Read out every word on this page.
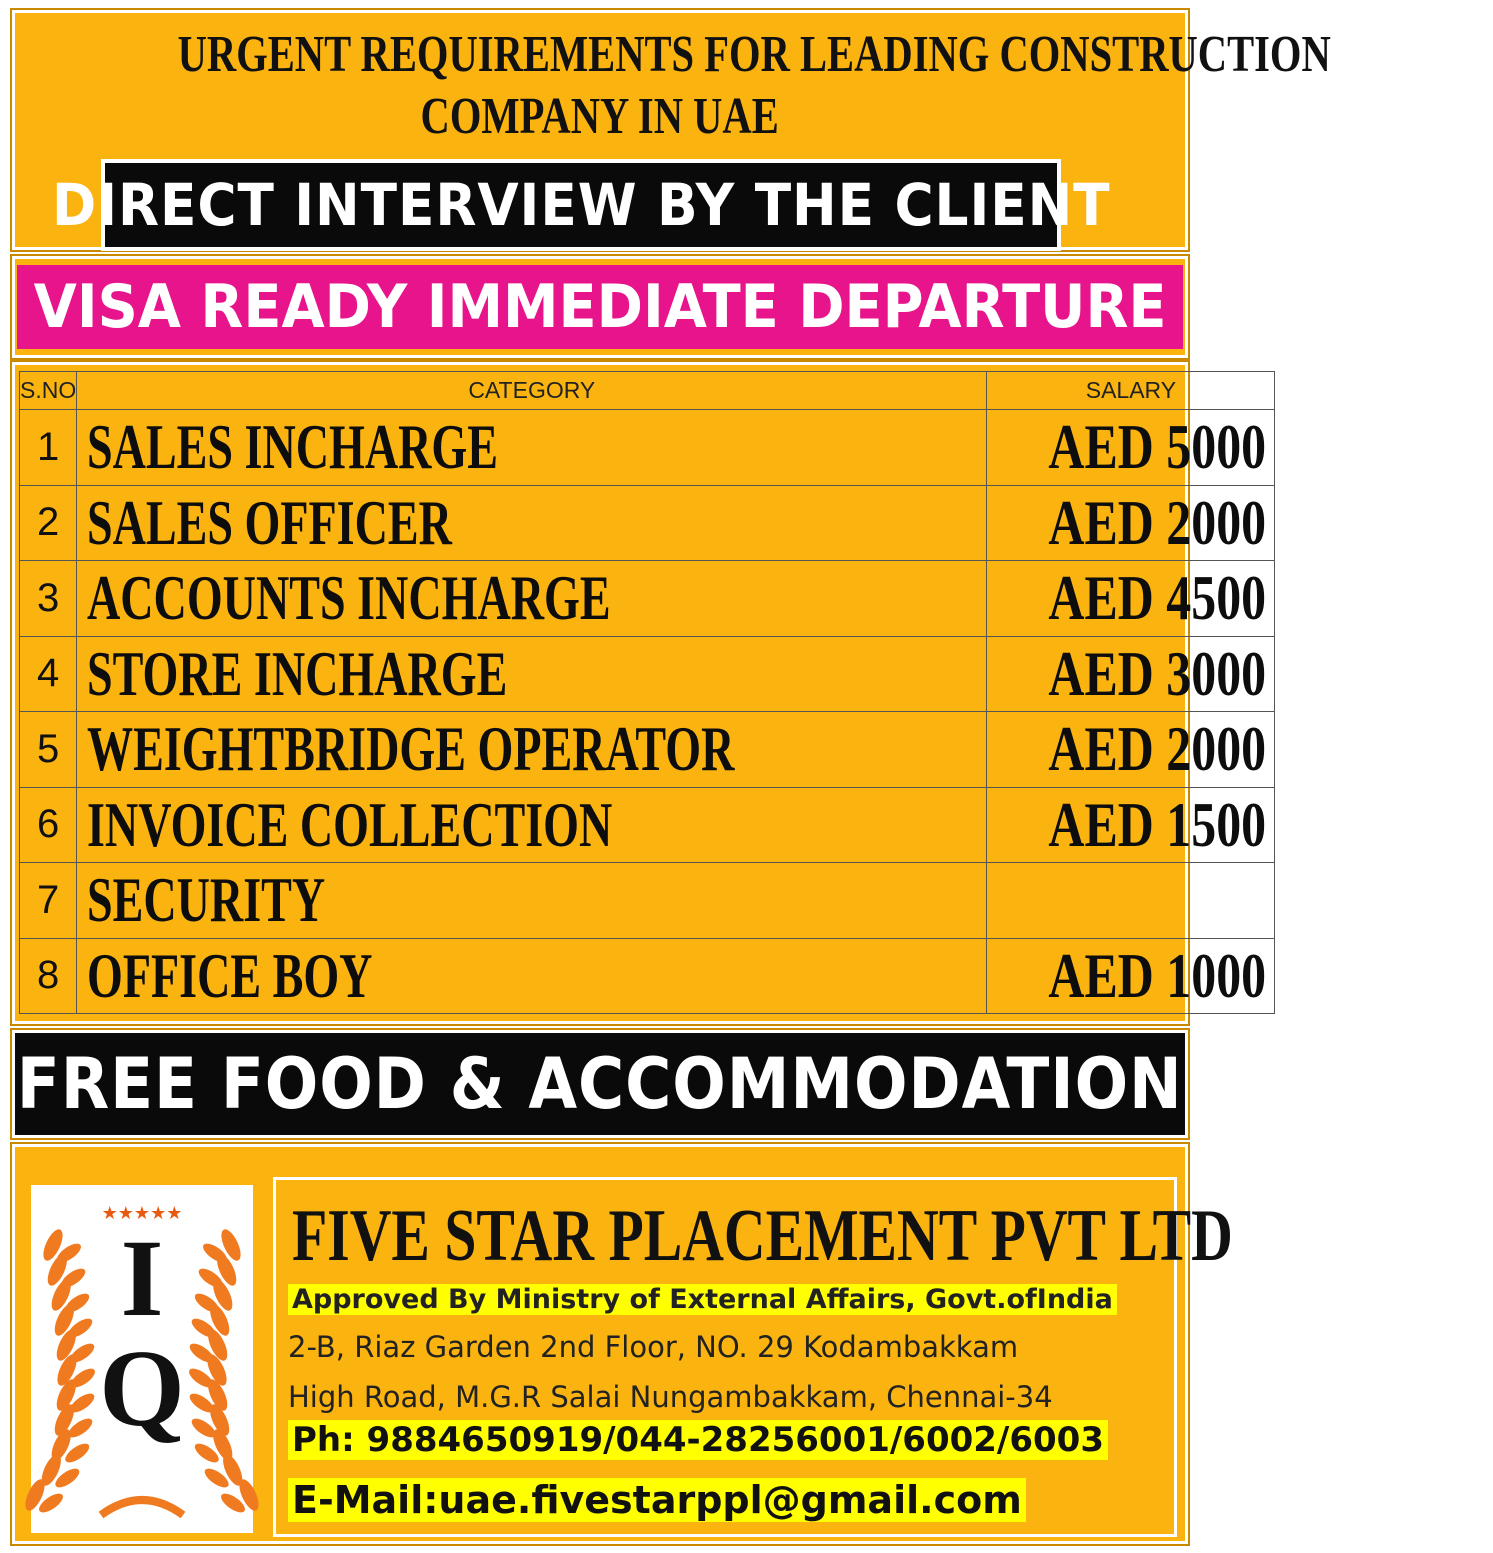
URGENT REQUIREMENTS FOR LEADING CONSTRUCTION
COMPANY IN UAE
DIRECT INTERVIEW BY THE CLIENT
VISA READY IMMEDIATE DEPARTURE
S.NO	CATEGORY	SALARY
1	SALES INCHARGE	AED 5000
2	SALES OFFICER	AED 2000
3	ACCOUNTS INCHARGE	AED 4500
4	STORE INCHARGE	AED 3000
5	WEIGHTBRIDGE OPERATOR	AED 2000
6	INVOICE COLLECTION	AED 1500
7	SECURITY	
8	OFFICE BOY	AED 1000
FREE FOOD & ACCOMMODATION
★★★★★
I
Q
FIVE STAR PLACEMENT PVT LTD
Approved By Ministry of External Affairs, Govt.ofIndia
2-B, Riaz Garden 2nd Floor, NO. 29 Kodambakkam
High Road, M.G.R Salai Nungambakkam, Chennai-34
Ph: 9884650919/044-28256001/6002/6003
E-Mail:uae.fivestarppl@gmail.com
